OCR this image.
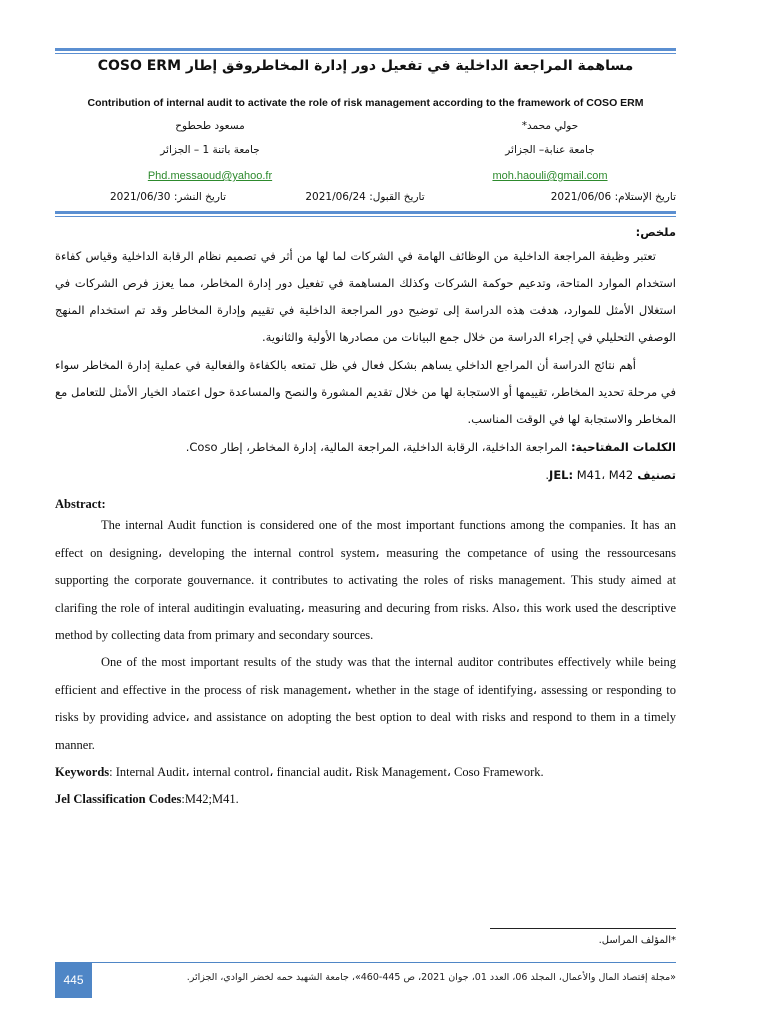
مساهمة المراجعة الداخلية في تفعيل دور إدارة المخاطروفق إطار COSO ERM
Contribution of internal audit to activate the role of risk management according to the framework of COSO ERM
حولي محمد*
جامعة عنابة– الجزائر
moh.haouli@gmail.com
مسعود طحطوح
جامعة باتنة 1 – الجزائر
Phd.messaoud@yahoo.fr
تاريخ الإستلام: 2021/06/06
تاريخ القبول: 2021/06/24
تاريخ النشر: 2021/06/30
ملخص:
تعتبر وظيفة المراجعة الداخلية من الوظائف الهامة في الشركات لما لها من أثر في تصميم نظام الرقابة الداخلية وقياس كفاءة استخدام الموارد المتاحة، وتدعيم حوكمة الشركات وكذلك المساهمة في تفعيل دور إدارة المخاطر، مما يعزز فرص الشركات في استغلال الأمثل للموارد، هدفت هذه الدراسة إلى توضيح دور المراجعة الداخلية في تقييم وإدارة المخاطر وقد تم استخدام المنهج الوصفي التحليلي في إجراء الدراسة من خلال جمع البيانات من مصادرها الأولية والثانوية.
أهم نتائج الدراسة أن المراجع الداخلي يساهم بشكل فعال في ظل تمتعه بالكفاءة والفعالية في عملية إدارة المخاطر سواء في مرحلة تحديد المخاطر، تقييمها أو الاستجابة لها من خلال تقديم المشورة والنصح والمساعدة حول اعتماد الخيار الأمثل للتعامل مع المخاطر والاستجابة لها في الوقت المناسب.
الكلمات المفتاحية: المراجعة الداخلية، الرقابة الداخلية، المراجعة المالية، إدارة المخاطر، إطار Coso.
تصنيف JEL: M41، M42.
Abstract:
The internal Audit function is considered one of the most important functions among the companies. It has an effect on designing، developing the internal control system، measuring the competance of using the ressourcesans supporting the corporate gouvernance. it contributes to activating the roles of risks management. This study aimed at clarifing the role of interal auditingin evaluating، measuring and decuring from risks. Also، this work used the descriptive method by collecting data from primary and secondary sources.
One of the most important results of the study was that the internal auditor contributes effectively while being efficient and effective in the process of risk management، whether in the stage of identifying، assessing or responding to risks by providing advice، and assistance on adopting the best option to deal with risks and respond to them in a timely manner.
Keywords: Internal Audit، internal control، financial audit، Risk Management، Coso Framework.
Jel Classification Codes:M42;M41.
*المؤلف المراسل.
445	«مجلة إقتصاد المال والأعمال، المجلد 06، العدد 01، جوان 2021، ص 445-460»، جامعة الشهيد حمه لخضر الوادي، الجزائر.
